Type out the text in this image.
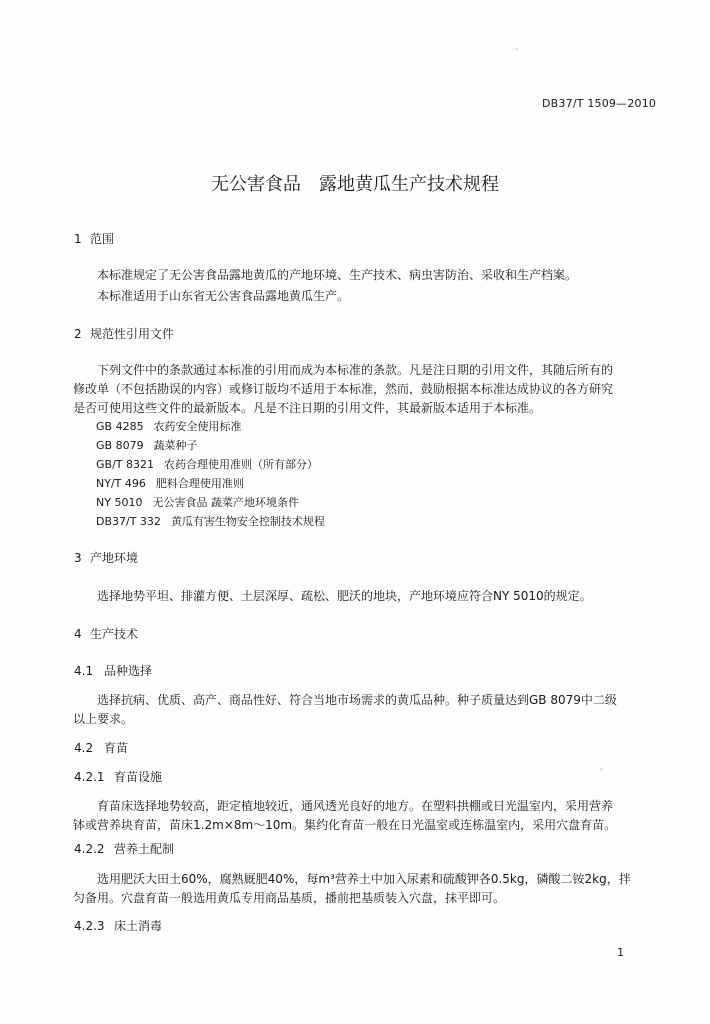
DB37/T 1509—2010
无公害食品 露地黄瓜生产技术规程
1 范围
本标准规定了无公害食品露地黄瓜的产地环境、生产技术、病虫害防治、采收和生产档案。
本标准适用于山东省无公害食品露地黄瓜生产。
2 规范性引用文件
下列文件中的条款通过本标准的引用而成为本标准的条款。凡是注日期的引用文件，其随后所有的
修改单（不包括勘误的内容）或修订版均不适用于本标准，然而，鼓励根据本标准达成协议的各方研究
是否可使用这些文件的最新版本。凡是不注日期的引用文件，其最新版本适用于本标准。
GB 4285 农药安全使用标准
GB 8079 蔬菜种子
GB/T 8321 农药合理使用准则（所有部分）
NY/T 496 肥料合理使用准则
NY 5010 无公害食品 蔬菜产地环境条件
DB37/T 332 黄瓜有害生物安全控制技术规程
3 产地环境
选择地势平坦、排灌方便、土层深厚、疏松、肥沃的地块，产地环境应符合NY 5010的规定。
4 生产技术
4.1 品种选择
选择抗病、优质、高产、商品性好、符合当地市场需求的黄瓜品种。种子质量达到GB 8079中二级
以上要求。
4.2 育苗
4.2.1 育苗设施
育苗床选择地势较高，距定植地较近，通风透光良好的地方。在塑料拱棚或日光温室内，采用营养
钵或营养块育苗，苗床1.2m×8m～10m。集约化育苗一般在日光温室或连栋温室内，采用穴盘育苗。
4.2.2 营养土配制
选用肥沃大田土60%，腐熟厩肥40%，每m³营养土中加入尿素和硫酸钾各0.5kg，磷酸二铵2kg，拌
匀备用。穴盘育苗一般选用黄瓜专用商品基质，播前把基质装入穴盘，抹平即可。
4.2.3 床土消毒
1
